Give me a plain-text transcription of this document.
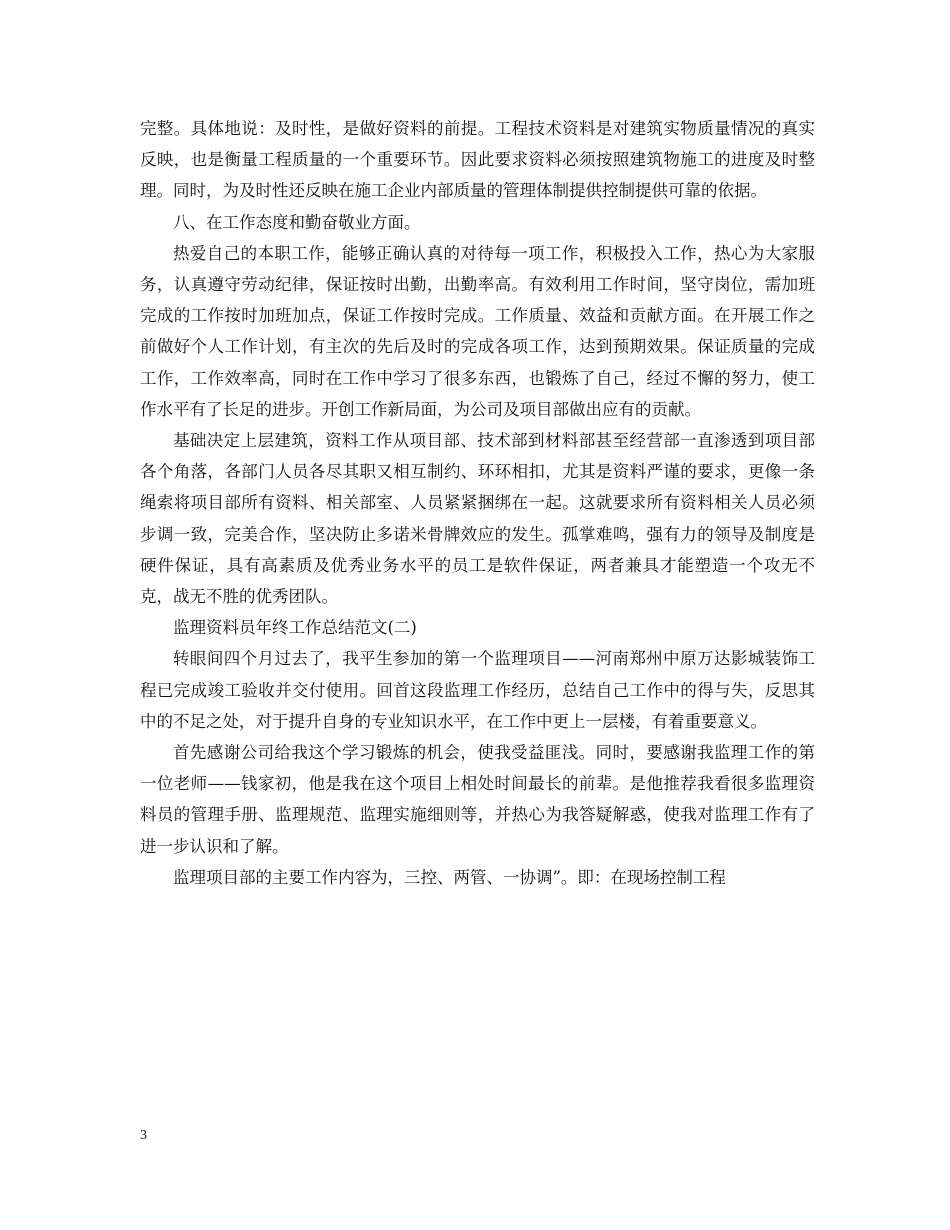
完整。具体地说：及时性，是做好资料的前提。工程技术资料是对建筑实物质量情况的真实反映，也是衡量工程质量的一个重要环节。因此要求资料必须按照建筑物施工的进度及时整理。同时，为及时性还反映在施工企业内部质量的管理体制提供控制提供可靠的依据。

八、在工作态度和勤奋敬业方面。

热爱自己的本职工作，能够正确认真的对待每一项工作，积极投入工作，热心为大家服务，认真遵守劳动纪律，保证按时出勤，出勤率高。有效利用工作时间，坚守岗位，需加班完成的工作按时加班加点，保证工作按时完成。工作质量、效益和贡献方面。在开展工作之前做好个人工作计划，有主次的先后及时的完成各项工作，达到预期效果。保证质量的完成工作，工作效率高，同时在工作中学习了很多东西，也锻炼了自己，经过不懈的努力，使工作水平有了长足的进步。开创工作新局面，为公司及项目部做出应有的贡献。

基础决定上层建筑，资料工作从项目部、技术部到材料部甚至经营部一直渗透到项目部各个角落，各部门人员各尽其职又相互制约、环环相扣，尤其是资料严谨的要求，更像一条绳索将项目部所有资料、相关部室、人员紧紧捆绑在一起。这就要求所有资料相关人员必须步调一致，完美合作，坚决防止多诺米骨牌效应的发生。孤掌难鸣，强有力的领导及制度是硬件保证，具有高素质及优秀业务水平的员工是软件保证，两者兼具才能塑造一个攻无不克，战无不胜的优秀团队。

监理资料员年终工作总结范文(二)

转眼间四个月过去了，我平生参加的第一个监理项目——河南郑州中原万达影城装饰工程已完成竣工验收并交付使用。回首这段监理工作经历，总结自己工作中的得与失，反思其中的不足之处，对于提升自身的专业知识水平，在工作中更上一层楼，有着重要意义。

首先感谢公司给我这个学习锻炼的机会，使我受益匪浅。同时，要感谢我监理工作的第一位老师——钱家初，他是我在这个项目上相处时间最长的前辈。是他推荐我看很多监理资料员的管理手册、监理规范、监理实施细则等，并热心为我答疑解惑，使我对监理工作有了进一步认识和了解。

监理项目部的主要工作内容为，三控、两管、一协调”。即：在现场控制工程

3
